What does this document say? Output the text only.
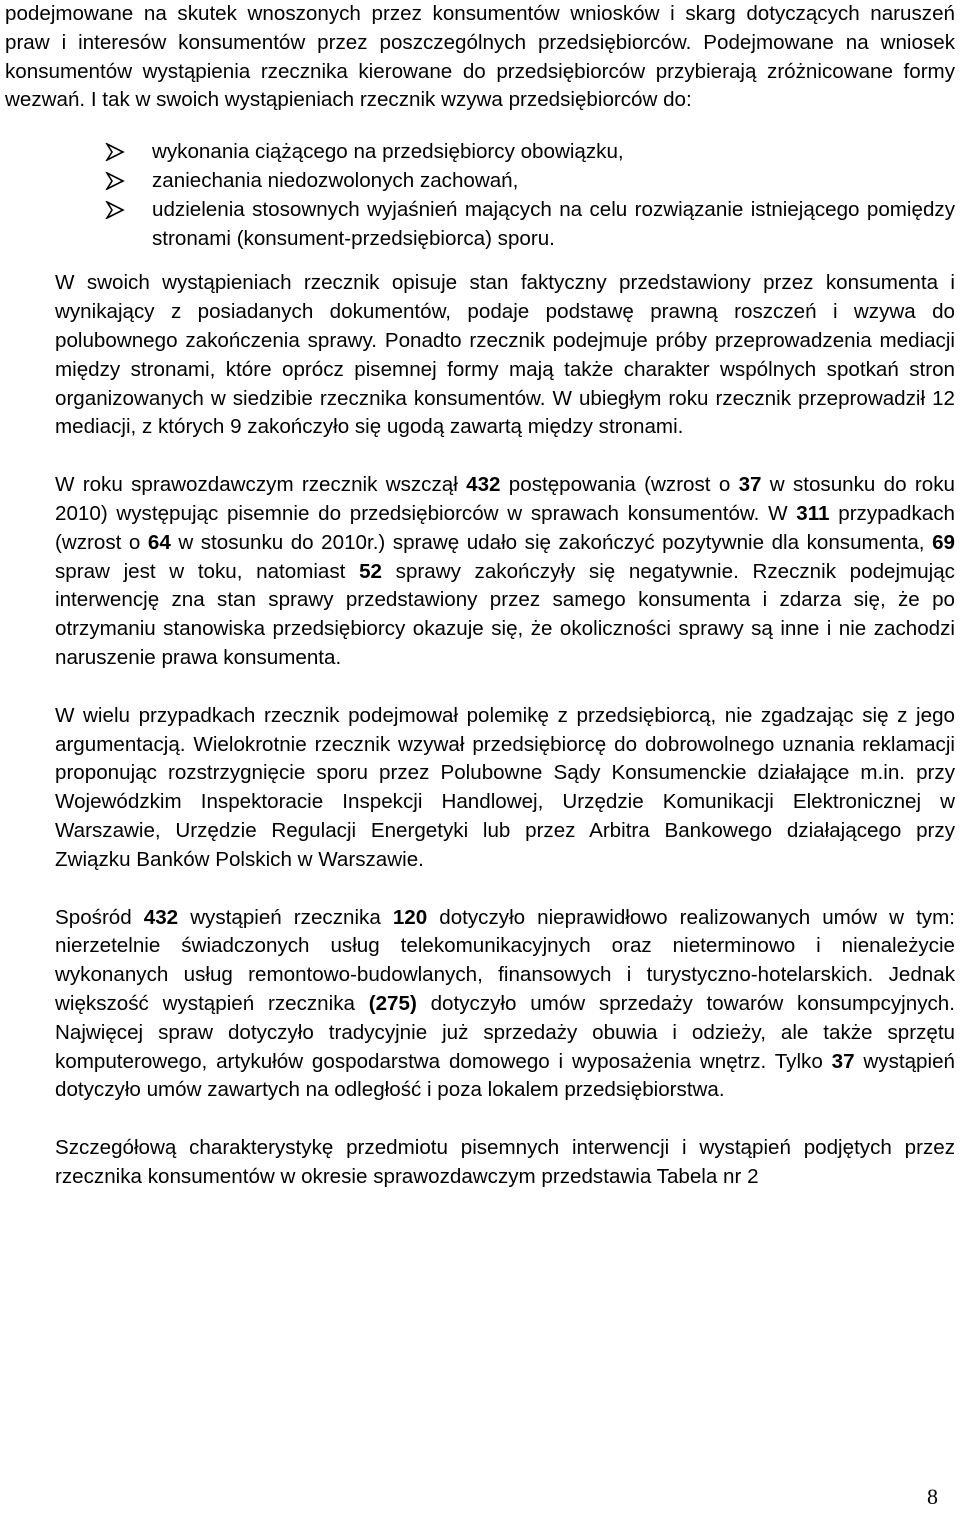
podejmowane na skutek wnoszonych przez konsumentów wniosków i skarg dotyczących naruszeń praw i interesów konsumentów przez poszczególnych przedsiębiorców. Podejmowane na wniosek konsumentów wystąpienia rzecznika kierowane do przedsiębiorców przybierają zróżnicowane formy wezwań. I tak w swoich wystąpieniach rzecznik wzywa przedsiębiorców do:

wykonania ciążącego na przedsiębiorcy obowiązku,
zaniechania niedozwolonych zachowań,
udzielenia stosownych wyjaśnień mających na celu rozwiązanie istniejącego pomiędzy stronami (konsument-przedsiębiorca) sporu.

W swoich wystąpieniach rzecznik opisuje stan faktyczny przedstawiony przez konsumenta i wynikający z posiadanych dokumentów, podaje podstawę prawną roszczeń i wzywa do polubownego zakończenia sprawy. Ponadto rzecznik podejmuje próby przeprowadzenia mediacji między stronami, które oprócz pisemnej formy mają także charakter wspólnych spotkań stron organizowanych w siedzibie rzecznika konsumentów. W ubiegłym roku rzecznik przeprowadził 12 mediacji, z których 9 zakończyło się ugodą zawartą między stronami.

W roku sprawozdawczym rzecznik wszczął 432 postępowania (wzrost o 37 w stosunku do roku 2010) występując pisemnie do przedsiębiorców w sprawach konsumentów. W 311 przypadkach (wzrost o 64 w stosunku do 2010r.) sprawę udało się zakończyć pozytywnie dla konsumenta, 69 spraw jest w toku, natomiast 52 sprawy zakończyły się negatywnie. Rzecznik podejmując interwencję zna stan sprawy przedstawiony przez samego konsumenta i zdarza się, że po otrzymaniu stanowiska przedsiębiorcy okazuje się, że okoliczności sprawy są inne i nie zachodzi naruszenie prawa konsumenta.

W wielu przypadkach rzecznik podejmował polemikę z przedsiębiorcą, nie zgadzając się z jego argumentacją. Wielokrotnie rzecznik wzywał przedsiębiorcę do dobrowolnego uznania reklamacji proponując rozstrzygnięcie sporu przez Polubowne Sądy Konsumenckie działające m.in. przy Wojewódzkim Inspektoracie Inspekcji Handlowej, Urzędzie Komunikacji Elektronicznej w Warszawie, Urzędzie Regulacji Energetyki lub przez Arbitra Bankowego działającego przy Związku Banków Polskich w Warszawie.

Spośród 432 wystąpień rzecznika 120 dotyczyło nieprawidłowo realizowanych umów w tym: nierzetelnie świadczonych usług telekomunikacyjnych oraz nieterminowo i nienależycie wykonanych usług remontowo-budowlanych, finansowych i turystyczno-hotelarskich. Jednak większość wystąpień rzecznika (275) dotyczyło umów sprzedaży towarów konsumpcyjnych. Najwięcej spraw dotyczyło tradycyjnie już sprzedaży obuwia i odzieży, ale także sprzętu komputerowego, artykułów gospodarstwa domowego i wyposażenia wnętrz. Tylko 37 wystąpień dotyczyło umów zawartych na odległość i poza lokalem przedsiębiorstwa.

Szczegółową charakterystykę przedmiotu pisemnych interwencji i wystąpień podjętych przez rzecznika konsumentów w okresie sprawozdawczym przedstawia Tabela nr 2

8
